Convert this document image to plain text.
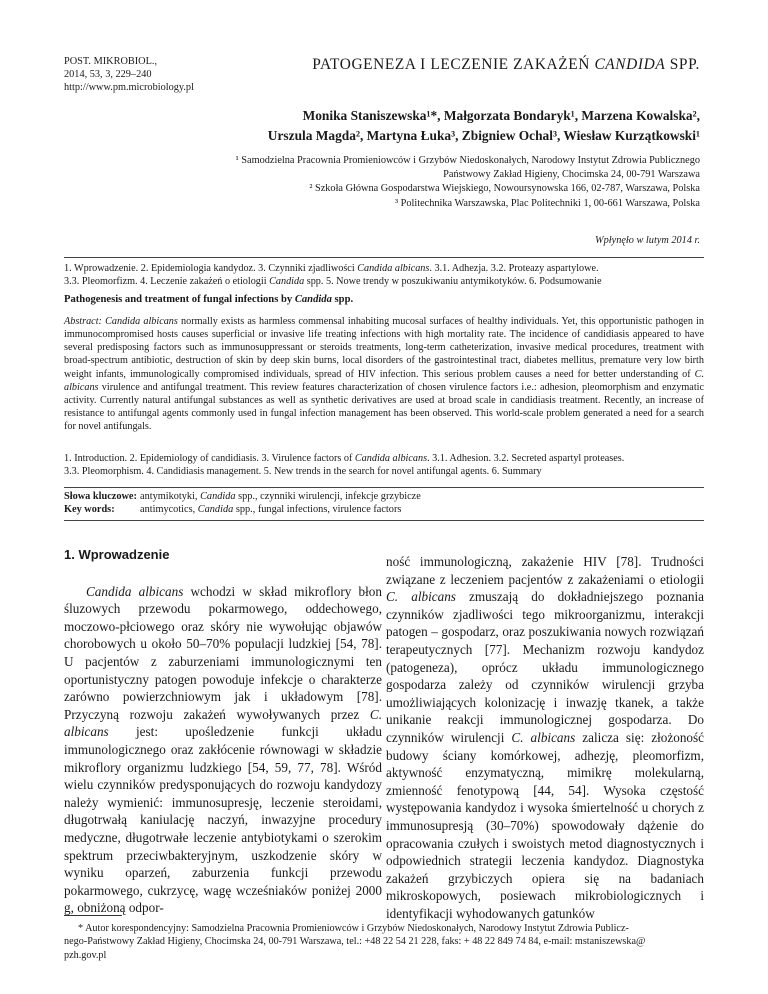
POST. MIKROBIOL.,
2014, 53, 3, 229–240
http://www.pm.microbiology.pl
PATOGENEZA I LECZENIE ZAKAŻEŃ CANDIDA SPP.
Monika Staniszewska¹*, Małgorzata Bondaryk¹, Marzena Kowalska²,
Urszula Magda², Martyna Łuka³, Zbigniew Ochal³, Wiesław Kurzątkowski¹
¹ Samodzielna Pracownia Promieniowców i Grzybów Niedoskonałych, Narodowy Instytut Zdrowia Publicznego
Państwowy Zakład Higieny, Chocimska 24, 00-791 Warszawa
² Szkoła Główna Gospodarstwa Wiejskiego, Nowoursynowska 166, 02-787, Warszawa, Polska
³ Politechnika Warszawska, Plac Politechniki 1, 00-661 Warszawa, Polska
Wpłynęło w lutym 2014 r.
1. Wprowadzenie. 2. Epidemiologia kandydoz. 3. Czynniki zjadliwości Candida albicans. 3.1. Adhezja. 3.2. Proteazy aspartylowe.
3.3. Pleomorfizm. 4. Leczenie zakażeń o etiologii Candida spp. 5. Nowe trendy w poszukiwaniu antymikotyków. 6. Podsumowanie
Pathogenesis and treatment of fungal infections by Candida spp.
Abstract: Candida albicans normally exists as harmless commensal inhabiting mucosal surfaces of healthy individuals. Yet, this opportunistic pathogen in immunocompromised hosts causes superficial or invasive life treating infections with high mortality rate. The incidence of candidiasis appeared to have several predisposing factors such as immunosuppressant or steroids treatments, long-term catheterization, invasive medical procedures, treatment with broad-spectrum antibiotic, destruction of skin by deep skin burns, local disorders of the gastrointestinal tract, diabetes mellitus, premature very low birth weight infants, immunologically compromised individuals, spread of HIV infection. This serious problem causes a need for better understanding of C. albicans virulence and antifungal treatment. This review features characterization of chosen virulence factors i.e.: adhesion, pleomorphism and enzymatic activity. Currently natural antifungal substances as well as synthetic derivatives are used at broad scale in candidiasis treatment. Recently, an increase of resistance to antifungal agents commonly used in fungal infection management has been observed. This world-scale problem generated a need for a search for novel antifungals.
1. Introduction. 2. Epidemiology of candidiasis. 3. Virulence factors of Candida albicans. 3.1. Adhesion. 3.2. Secreted aspartyl proteases.
3.3. Pleomorphism. 4. Candidiasis management. 5. New trends in the search for novel antifungal agents. 6. Summary
Słowa kluczowe: antymikotyki, Candida spp., czynniki wirulencji, infekcje grzybicze
Key words: antimycotics, Candida spp., fungal infections, virulence factors
1. Wprowadzenie

Candida albicans wchodzi w skład mikroflory błon śluzowych przewodu pokarmowego, oddechowego, moczowo-płciowego oraz skóry nie wywołując objawów chorobowych u około 50–70% populacji ludzkiej [54, 78]. U pacjentów z zaburzeniami immunologicznymi ten oportunistyczny patogen powoduje infekcje o charakterze zarówno powierzchniowym jak i układowym [78]. Przyczyną rozwoju zakażeń wywoływanych przez C. albicans jest: upośledzenie funkcji układu immunologicznego oraz zakłócenie równowagi w składzie mikroflory organizmu ludzkiego [54, 59, 77, 78]. Wśród wielu czynników predysponujących do rozwoju kandydozy należy wymienić: immunosupresję, leczenie steroidami, długotrwałą kaniulację naczyń, inwazyjne procedury medyczne, długotrwałe leczenie antybiotykami o szerokim spektrum przeciwbakteryjnym, uszkodzenie skóry w wyniku oparzeń, zaburzenia funkcji przewodu pokarmowego, cukrzycę, wagę wcześniaków poniżej 2000 g, obniżoną odpor-

ność immunologiczną, zakażenie HIV [78]. Trudności związane z leczeniem pacjentów z zakażeniami o etiologii C. albicans zmuszają do dokładniejszego poznania czynników zjadliwości tego mikroorganizmu, interakcji patogen – gospodarz, oraz poszukiwania nowych rozwiązań terapeutycznych [77]. Mechanizm rozwoju kandydoz (patogeneza), oprócz układu immunologicznego gospodarza zależy od czynników wirulencji grzyba umożliwiających kolonizację i inwazję tkanek, a także unikanie reakcji immunologicznej gospodarza. Do czynników wirulencji C. albicans zalicza się: złożoność budowy ściany komórkowej, adhezję, pleomorfizm, aktywność enzymatyczną, mimikrę molekularną, zmienność fenotypową [44, 54]. Wysoka częstość występowania kandydoz i wysoka śmiertelność u chorych z immunosupresją (30–70%) spowodowały dążenie do opracowania czułych i swoistych metod diagnostycznych i odpowiednich strategii leczenia kandydoz. Diagnostyka zakażeń grzybiczych opiera się na badaniach mikroskopowych, posiewach mikrobiologicznych i identyfikacji wyhodowanych gatunków

* Autor korespondencyjny: Samodzielna Pracownia Promieniowców i Grzybów Niedoskonałych, Narodowy Instytut Zdrowia Publicz-
nego-Państwowy Zakład Higieny, Chocimska 24, 00-791 Warszawa, tel.: +48 22 54 21 228, faks: + 48 22 849 74 84, e-mail: mstaniszewska@
pzh.gov.pl
